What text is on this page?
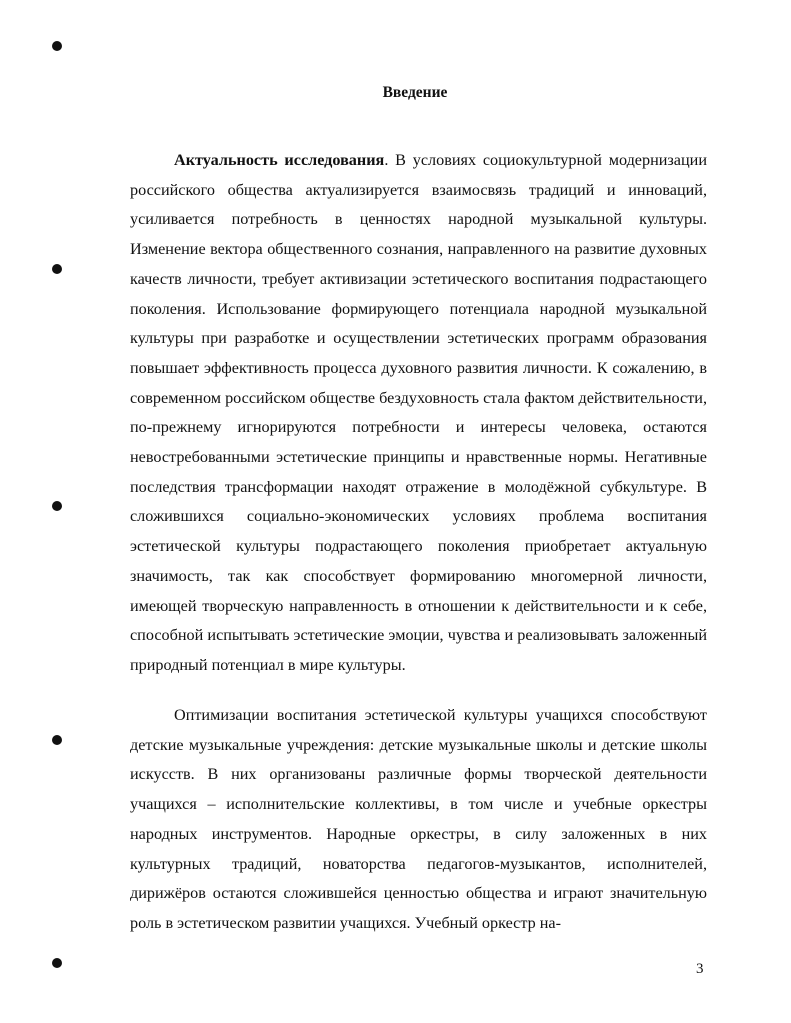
Введение

Актуальность исследования. В условиях социокультурной модернизации российского общества актуализируется взаимосвязь традиций и инноваций, усиливается потребность в ценностях народной музыкальной культуры. Изменение вектора общественного сознания, направленного на развитие духовных качеств личности, требует активизации эстетического воспитания подрастающего поколения. Использование формирующего потенциала народной музыкальной культуры при разработке и осуществлении эстетических программ образования повышает эффективность процесса духовного развития личности. К сожалению, в современном российском обществе бездуховность стала фактом действительности, по-прежнему игнорируются потребности и интересы человека, остаются невостребованными эстетические принципы и нравственные нормы. Негативные последствия трансформации находят отражение в молодёжной субкультуре. В сложившихся социально-экономических условиях проблема воспитания эстетической культуры подрастающего поколения приобретает актуальную значимость, так как способствует формированию многомерной личности, имеющей творческую направленность в отношении к действительности и к себе, способной испытывать эстетические эмоции, чувства и реализовывать заложенный природный потенциал в мире культуры.

Оптимизации воспитания эстетической культуры учащихся способствуют детские музыкальные учреждения: детские музыкальные школы и детские школы искусств. В них организованы различные формы творческой деятельности учащихся – исполнительские коллективы, в том числе и учебные оркестры народных инструментов. Народные оркестры, в силу заложенных в них культурных традиций, новаторства педагогов-музыкантов, исполнителей, дирижёров остаются сложившейся ценностью общества и играют значительную роль в эстетическом развитии учащихся. Учебный оркестр на-

3
